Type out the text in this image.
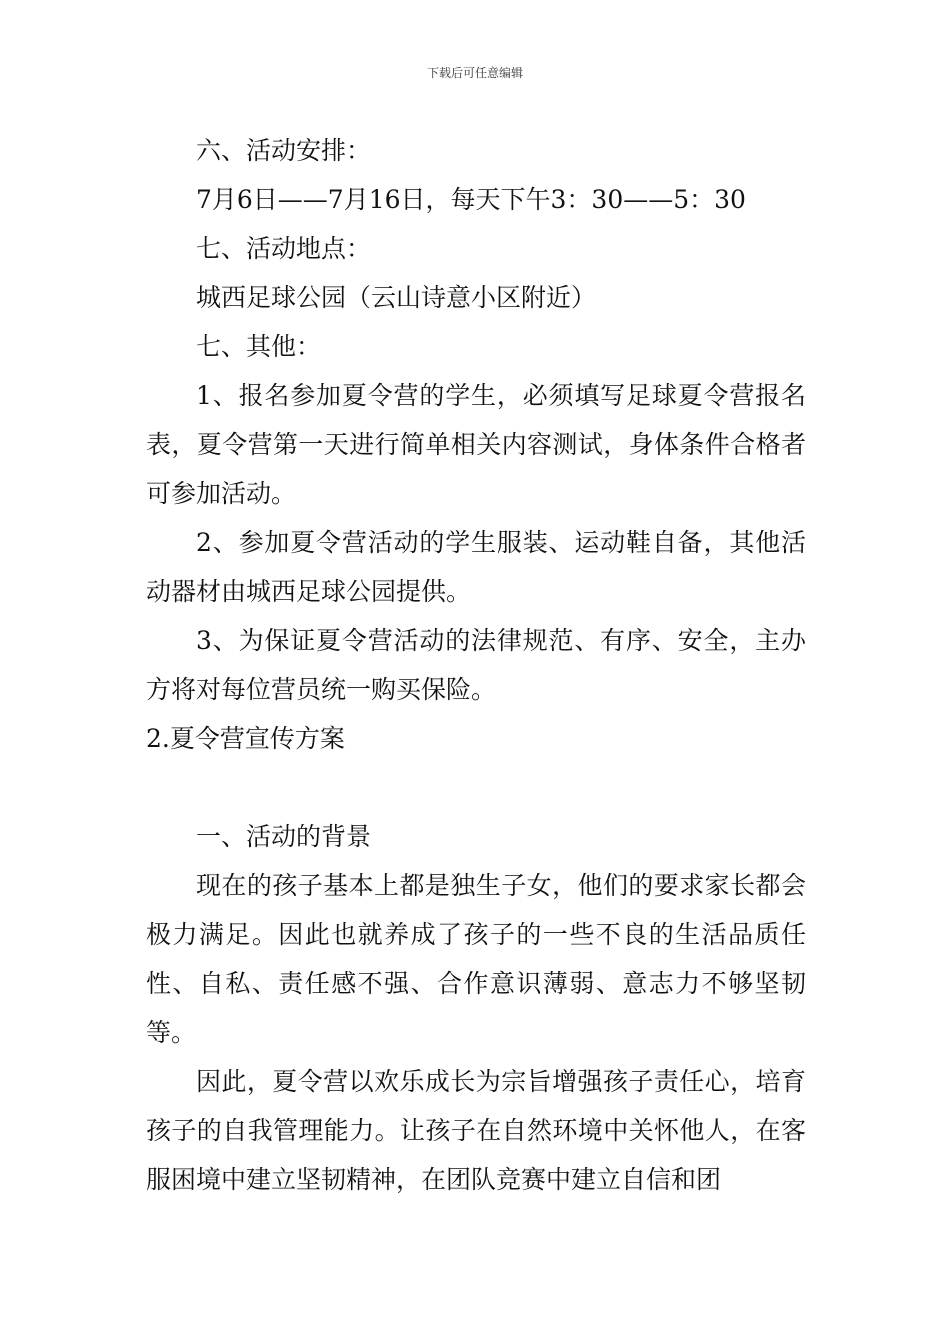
下载后可任意编辑

六、活动安排：

7月6日——7月16日，每天下午3：30——5：30

七、活动地点：

城西足球公园（云山诗意小区附近）

七、其他：

1、报名参加夏令营的学生，必须填写足球夏令营报名表，夏令营第一天进行简单相关内容测试，身体条件合格者可参加活动。

2、参加夏令营活动的学生服装、运动鞋自备，其他活动器材由城西足球公园提供。

3、为保证夏令营活动的法律规范、有序、安全，主办方将对每位营员统一购买保险。

2.夏令营宣传方案

一、活动的背景

现在的孩子基本上都是独生子女，他们的要求家长都会极力满足。因此也就养成了孩子的一些不良的生活品质任性、自私、责任感不强、合作意识薄弱、意志力不够坚韧等。

因此，夏令营以欢乐成长为宗旨增强孩子责任心，培育孩子的自我管理能力。让孩子在自然环境中关怀他人，在客服困境中建立坚韧精神，在团队竞赛中建立自信和团
